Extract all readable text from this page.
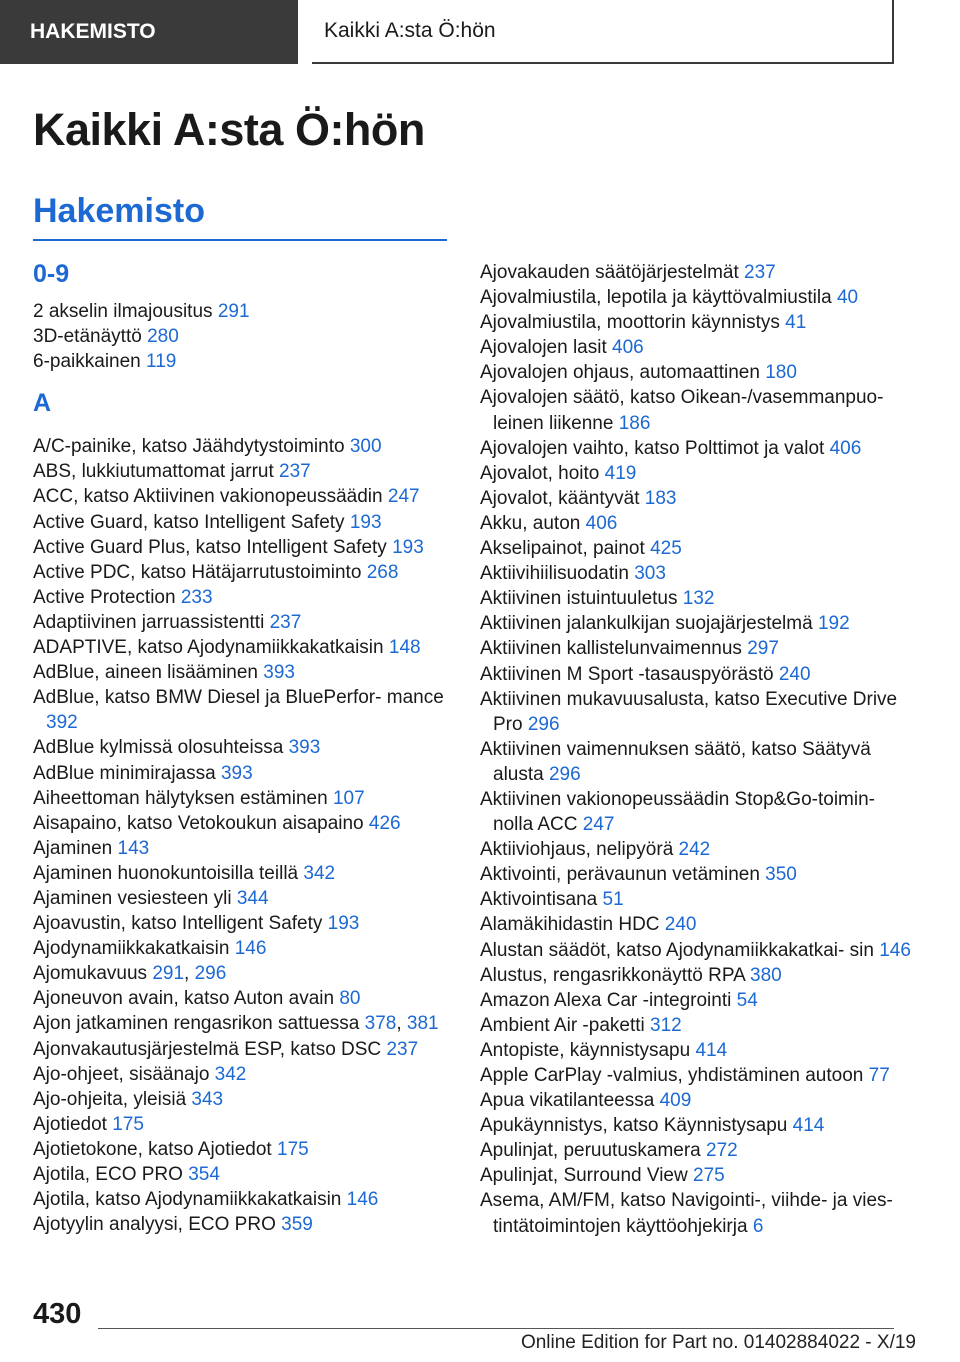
HAKEMISTO	Kaikki A:sta Ö:hön
Kaikki A:sta Ö:hön
Hakemisto
0-9
2 akselin ilmajousitus 291
3D-etänäyttö 280
6-paikkainen 119
A
A/C-painike, katso Jäähdytystoiminto 300
ABS, lukkiutumattomat jarrut 237
ACC, katso Aktiivinen vakionopeussäädin 247
Active Guard, katso Intelligent Safety 193
Active Guard Plus, katso Intelligent Safety 193
Active PDC, katso Hätäjarrutustoiminto 268
Active Protection 233
Adaptiivinen jarruassistentti 237
ADAPTIVE, katso Ajodynamiikkakatkaisin 148
AdBlue, aineen lisääminen 393
AdBlue, katso BMW Diesel ja BluePerfor‐ mance 392
AdBlue kylmissä olosuhteissa 393
AdBlue minimirajassa 393
Aiheettoman hälytyksen estäminen 107
Aisapaino, katso Vetokoukun aisapaino 426
Ajaminen 143
Ajaminen huonokuntoisilla teillä 342
Ajaminen vesiesteen yli 344
Ajoavustin, katso Intelligent Safety 193
Ajodynamiikkakatkaisin 146
Ajomukavuus 291, 296
Ajoneuvon avain, katso Auton avain 80
Ajon jatkaminen rengasrikon sattuessa 378, 381
Ajonvakautusjärjestelmä ESP, katso DSC 237
Ajo-ohjeet, sisäänajo 342
Ajo-ohjeita, yleisiä 343
Ajotiedot 175
Ajotietokone, katso Ajotiedot 175
Ajotila, ECO PRO 354
Ajotila, katso Ajodynamiikkakatkaisin 146
Ajotyylin analyysi, ECO PRO 359
Ajovakauden säätöjärjestelmät 237
Ajovalmiustila, lepotila ja käyttövalmiustila 40
Ajovalmiustila, moottorin käynnistys 41
Ajovalojen lasit 406
Ajovalojen ohjaus, automaattinen 180
Ajovalojen säätö, katso Oikean-/vasemmanpuo‐ leinen liikenne 186
Ajovalojen vaihto, katso Polttimot ja valot 406
Ajovalot, hoito 419
Ajovalot, kääntyvät 183
Akku, auton 406
Akselipainot, painot 425
Aktiivihiilisuodatin 303
Aktiivinen istuintuuletus 132
Aktiivinen jalankulkijan suojajärjestelmä 192
Aktiivinen kallistelunvaimennus 297
Aktiivinen M Sport -tasauspyörästö 240
Aktiivinen mukavuusalusta, katso Executive Drive Pro 296
Aktiivinen vaimennuksen säätö, katso Säätyvä alusta 296
Aktiivinen vakionopeussäädin Stop&Go-toimin‐ nolla ACC 247
Aktiiviohjaus, nelipyörä 242
Aktivointi, perävaunun vetäminen 350
Aktivointisana 51
Alamäkihidastin HDC 240
Alustan säädöt, katso Ajodynamiikkakatkai‐ sin 146
Alustus, rengasrikkonäyttö RPA 380
Amazon Alexa Car -integrointi 54
Ambient Air -paketti 312
Antopiste, käynnistysapu 414
Apple CarPlay -valmius, yhdistäminen autoon 77
Apua vikatilanteessa 409
Apukäynnistys, katso Käynnistysapu 414
Apulinjat, peruutuskamera 272
Apulinjat, Surround View 275
Asema, AM/FM, katso Navigointi-, viihde- ja vies‐ tintätoimintojen käyttöohjekirja 6
430
Online Edition for Part no. 01402884022 - X/19
